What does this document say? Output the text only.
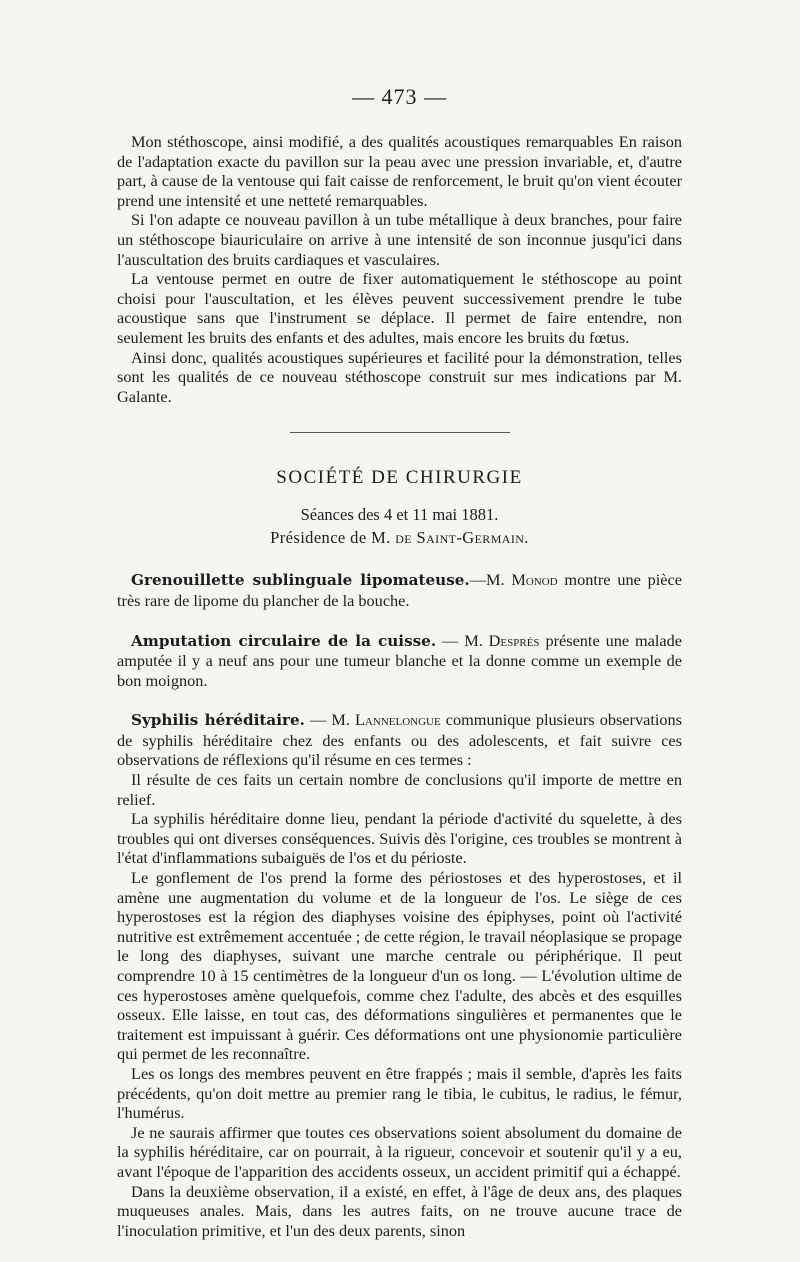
— 473 —

Mon stéthoscope, ainsi modifié, a des qualités acoustiques remarquables En raison de l'adaptation exacte du pavillon sur la peau avec une pression invariable, et, d'autre part, à cause de la ventouse qui fait caisse de renforcement, le bruit qu'on vient écouter prend une intensité et une netteté remarquables.

Si l'on adapte ce nouveau pavillon à un tube métallique à deux branches, pour faire un stéthoscope biauriculaire on arrive à une intensité de son inconnue jusqu'ici dans l'auscultation des bruits cardiaques et vasculaires.

La ventouse permet en outre de fixer automatiquement le stéthoscope au point choisi pour l'auscultation, et les élèves peuvent successivement prendre le tube acoustique sans que l'instrument se déplace. Il permet de faire entendre, non seulement les bruits des enfants et des adultes, mais encore les bruits du fœtus.

Ainsi donc, qualités acoustiques supérieures et facilité pour la démonstration, telles sont les qualités de ce nouveau stéthoscope construit sur mes indications par M. Galante.

SOCIÉTÉ DE CHIRURGIE
Séances des 4 et 11 mai 1881.
Présidence de M. de Saint-Germain.

Grenouillette sublinguale lipomateuse.—M. Monod montre une pièce très rare de lipome du plancher de la bouche.

Amputation circulaire de la cuisse. — M. Després présente une malade amputée il y a neuf ans pour une tumeur blanche et la donne comme un exemple de bon moignon.

Syphilis héréditaire. — M. Lannelongue communique plusieurs observations de syphilis héréditaire chez des enfants ou des adolescents, et fait suivre ces observations de réflexions qu'il résume en ces termes :

Il résulte de ces faits un certain nombre de conclusions qu'il importe de mettre en relief.

La syphilis héréditaire donne lieu, pendant la période d'activité du squelette, à des troubles qui ont diverses conséquences. Suivis dès l'origine, ces troubles se montrent à l'état d'inflammations subaiguës de l'os et du périoste.

Le gonflement de l'os prend la forme des périostoses et des hyperostoses, et il amène une augmentation du volume et de la longueur de l'os. Le siège de ces hyperostoses est la région des diaphyses voisine des épiphyses, point où l'activité nutritive est extrêmement accentuée ; de cette région, le travail néoplasique se propage le long des diaphyses, suivant une marche centrale ou périphérique. Il peut comprendre 10 à 15 centimètres de la longueur d'un os long. — L'évolution ultime de ces hyperostoses amène quelquefois, comme chez l'adulte, des abcès et des esquilles osseux. Elle laisse, en tout cas, des déformations singulières et permanentes que le traitement est impuissant à guérir. Ces déformations ont une physionomie particulière qui permet de les reconnaître.

Les os longs des membres peuvent en être frappés ; mais il semble, d'après les faits précédents, qu'on doit mettre au premier rang le tibia, le cubitus, le radius, le fémur, l'humérus.

Je ne saurais affirmer que toutes ces observations soient absolument du domaine de la syphilis héréditaire, car on pourrait, à la rigueur, concevoir et soutenir qu'il y a eu, avant l'époque de l'apparition des accidents osseux, un accident primitif qui a échappé.

Dans la deuxième observation, il a existé, en effet, à l'âge de deux ans, des plaques muqueuses anales. Mais, dans les autres faits, on ne trouve aucune trace de l'inoculation primitive, et l'un des deux parents, sinon
